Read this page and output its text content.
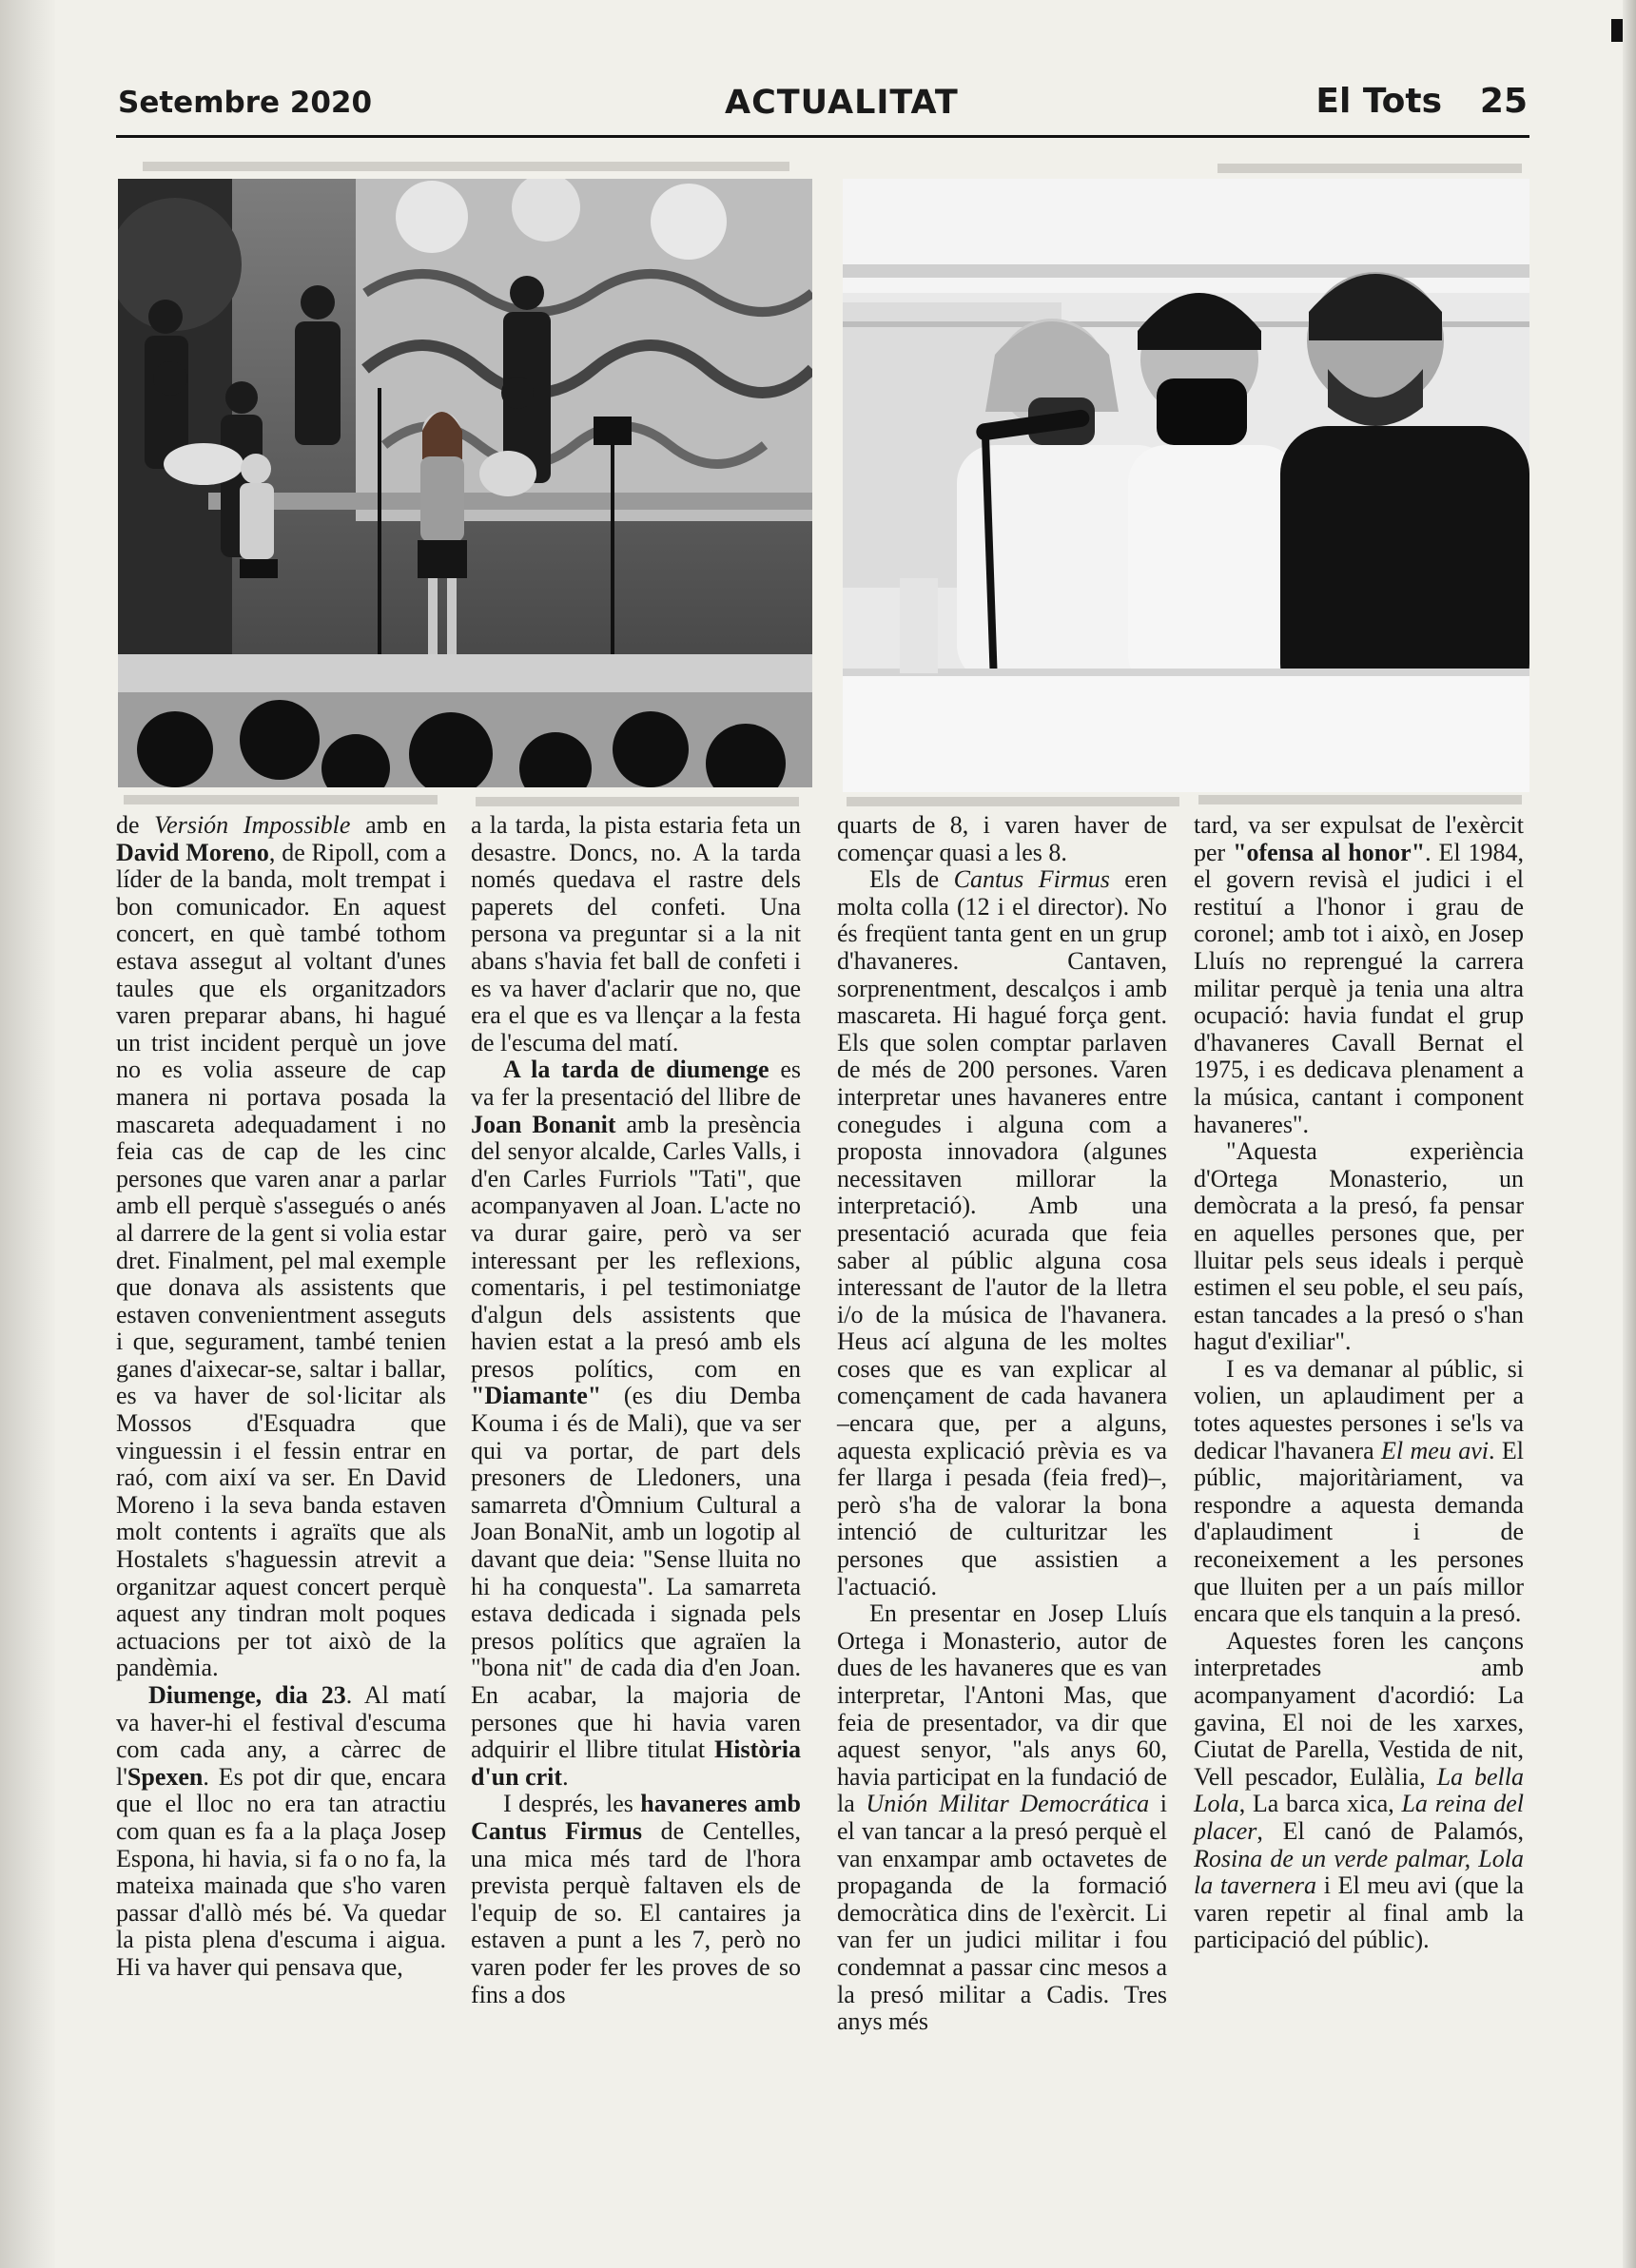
Setembre 2020	ACTUALITAT	El Tots 25

de Versión Impossible amb en David Moreno, de Ripoll, com a líder de la banda, molt trempat i bon comunicador. En aquest concert, en què també tothom estava assegut al voltant d'unes taules que els organitzadors varen preparar abans, hi hagué un trist incident perquè un jove no es volia asseure de cap manera ni portava posada la mascareta adequadament i no feia cas de cap de les cinc persones que varen anar a parlar amb ell perquè s'assegués o anés al darrere de la gent si volia estar dret. Finalment, pel mal exemple que donava als assistents que estaven convenientment asseguts i que, segurament, també tenien ganes d'aixecar-se, saltar i ballar, es va haver de sol·licitar als Mossos d'Esquadra que vinguessin i el fessin entrar en raó, com així va ser. En David Moreno i la seva banda estaven molt contents i agraïts que als Hostalets s'haguessin atrevit a organitzar aquest concert perquè aquest any tindran molt poques actuacions per tot això de la pandèmia.

Diumenge, dia 23. Al matí va haver-hi el festival d'escuma com cada any, a càrrec de l'Spexen. Es pot dir que, encara que el lloc no era tan atractiu com quan es fa a la plaça Josep Espona, hi havia, si fa o no fa, la mateixa mainada que s'ho varen passar d'allò més bé. Va quedar la pista plena d'escuma i aigua. Hi va haver qui pensava que,

a la tarda, la pista estaria feta un desastre. Doncs, no. A la tarda només quedava el rastre dels paperets del confeti. Una persona va preguntar si a la nit abans s'havia fet ball de confeti i es va haver d'aclarir que no, que era el que es va llençar a la festa de l'escuma del matí.

A la tarda de diumenge es va fer la presentació del llibre de Joan Bonanit amb la presència del senyor alcalde, Carles Valls, i d'en Carles Furriols "Tati", que acompanyaven al Joan. L'acte no va durar gaire, però va ser interessant per les reflexions, comentaris, i pel testimoniatge d'algun dels assistents que havien estat a la presó amb els presos polítics, com en "Diamante" (es diu Demba Kouma i és de Mali), que va ser qui va portar, de part dels presoners de Lledoners, una samarreta d'Òmnium Cultural a Joan BonaNit, amb un logotip al davant que deia: "Sense lluita no hi ha conquesta". La samarreta estava dedicada i signada pels presos polítics que agraïen la "bona nit" de cada dia d'en Joan. En acabar, la majoria de persones que hi havia varen adquirir el llibre titulat Història d'un crit.

I després, les havaneres amb Cantus Firmus de Centelles, una mica més tard de l'hora prevista perquè faltaven els de l'equip de so. El cantaires ja estaven a punt a les 7, però no varen poder fer les proves de so fins a dos

quarts de 8, i varen haver de començar quasi a les 8.

Els de Cantus Firmus eren molta colla (12 i el director). No és freqüent tanta gent en un grup d'havaneres. Cantaven, sorprenentment, descalços i amb mascareta. Hi hagué força gent. Els que solen comptar parlaven de més de 200 persones. Varen interpretar unes havaneres entre conegudes i alguna com a proposta innovadora (algunes necessitaven millorar la interpretació). Amb una presentació acurada que feia saber al públic alguna cosa interessant de l'autor de la lletra i/o de la música de l'havanera. Heus ací alguna de les moltes coses que es van explicar al començament de cada havanera –encara que, per a alguns, aquesta explicació prèvia es va fer llarga i pesada (feia fred)–, però s'ha de valorar la bona intenció de culturitzar les persones que assistien a l'actuació.

En presentar en Josep Lluís Ortega i Monasterio, autor de dues de les havaneres que es van interpretar, l'Antoni Mas, que feia de presentador, va dir que aquest senyor, "als anys 60, havia participat en la fundació de la Unión Militar Democrática i el van tancar a la presó perquè el van enxampar amb octavetes de propaganda de la formació democràtica dins de l'exèrcit. Li van fer un judici militar i fou condemnat a passar cinc mesos a la presó militar a Cadis. Tres anys més

tard, va ser expulsat de l'exèrcit per "ofensa al honor". El 1984, el govern revisà el judici i el restituí a l'honor i grau de coronel; amb tot i això, en Josep Lluís no reprengué la carrera militar perquè ja tenia una altra ocupació: havia fundat el grup d'havaneres Cavall Bernat el 1975, i es dedicava plenament a la música, cantant i component havaneres".

"Aquesta experiència d'Ortega Monasterio, un demòcrata a la presó, fa pensar en aquelles persones que, per lluitar pels seus ideals i perquè estimen el seu poble, el seu país, estan tancades a la presó o s'han hagut d'exiliar".

I es va demanar al públic, si volien, un aplaudiment per a totes aquestes persones i se'ls va dedicar l'havanera El meu avi. El públic, majoritàriament, va respondre a aquesta demanda d'aplaudiment i de reconeixement a les persones que lluiten per a un país millor encara que els tanquin a la presó.

Aquestes foren les cançons interpretades amb acompanyament d'acordió: La gavina, El noi de les xarxes, Ciutat de Parella, Vestida de nit, Vell pescador, Eulàlia, La bella Lola, La barca xica, La reina del placer, El canó de Palamós, Rosina de un verde palmar, Lola la tavernera i El meu avi (que la varen repetir al final amb la participació del públic).
